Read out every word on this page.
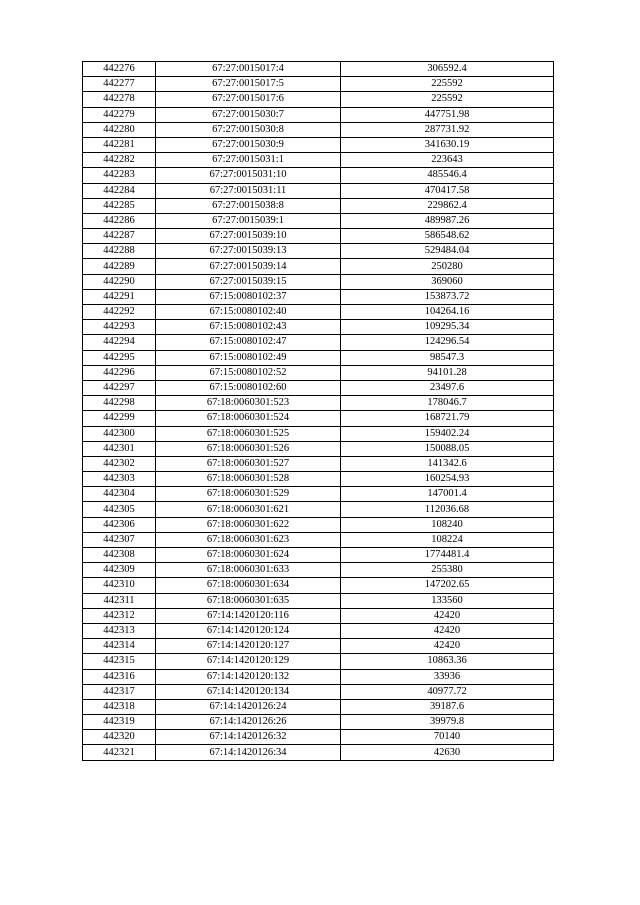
442276	67:27:0015017:4	306592.4
442277	67:27:0015017:5	225592
442278	67:27:0015017:6	225592
442279	67:27:0015030:7	447751.98
442280	67:27:0015030:8	287731.92
442281	67:27:0015030:9	341630.19
442282	67:27:0015031:1	223643
442283	67:27:0015031:10	485546.4
442284	67:27:0015031:11	470417.58
442285	67:27:0015038:8	229862.4
442286	67:27:0015039:1	489987.26
442287	67:27:0015039:10	586548.62
442288	67:27:0015039:13	529484.04
442289	67:27:0015039:14	250280
442290	67:27:0015039:15	369060
442291	67:15:0080102:37	153873.72
442292	67:15:0080102:40	104264.16
442293	67:15:0080102:43	109295.34
442294	67:15:0080102:47	124296.54
442295	67:15:0080102:49	98547.3
442296	67:15:0080102:52	94101.28
442297	67:15:0080102:60	23497.6
442298	67:18:0060301:523	178046.7
442299	67:18:0060301:524	168721.79
442300	67:18:0060301:525	159402.24
442301	67:18:0060301:526	150088.05
442302	67:18:0060301:527	141342.6
442303	67:18:0060301:528	160254.93
442304	67:18:0060301:529	147001.4
442305	67:18:0060301:621	112036.68
442306	67:18:0060301:622	108240
442307	67:18:0060301:623	108224
442308	67:18:0060301:624	1774481.4
442309	67:18:0060301:633	255380
442310	67:18:0060301:634	147202.65
442311	67:18:0060301:635	133560
442312	67:14:1420120:116	42420
442313	67:14:1420120:124	42420
442314	67:14:1420120:127	42420
442315	67:14:1420120:129	10863.36
442316	67:14:1420120:132	33936
442317	67:14:1420120:134	40977.72
442318	67:14:1420126:24	39187.6
442319	67:14:1420126:26	39979.8
442320	67:14:1420126:32	70140
442321	67:14:1420126:34	42630
